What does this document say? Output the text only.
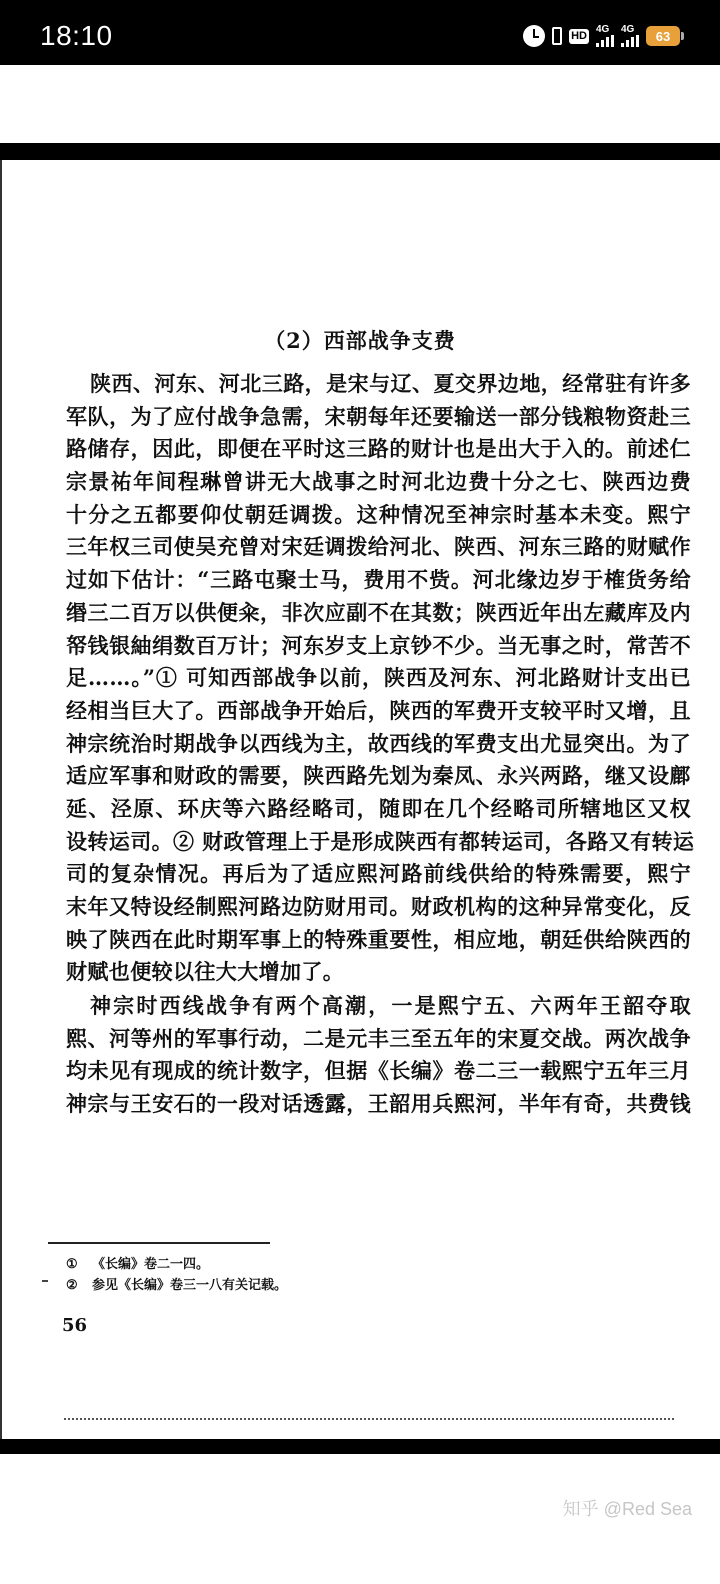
18:10	HD 4G 4G	63
（2）西部战争支费
陕西、河东、河北三路，是宋与辽、夏交界边地，经常驻有许多
军队，为了应付战争急需，宋朝每年还要输送一部分钱粮物资赴三
路储存，因此，即便在平时这三路的财计也是出大于入的。前述仁
宗景祐年间程琳曾讲无大战事之时河北边费十分之七、陕西边费
十分之五都要仰仗朝廷调拨。这种情况至神宗时基本未变。熙宁
三年权三司使吴充曾对宋廷调拨给河北、陕西、河东三路的财赋作
过如下估计：“三路屯聚士马，费用不赀。河北缘边岁于榷货务给
缗三二百万以供便籴，非次应副不在其数；陕西近年出左藏库及内
帑钱银紬绢数百万计；河东岁支上京钞不少。当无事之时，常苦不
足……。”① 可知西部战争以前，陕西及河东、河北路财计支出已
经相当巨大了。西部战争开始后，陕西的军费开支较平时又增，且
神宗统治时期战争以西线为主，故西线的军费支出尤显突出。为了
适应军事和财政的需要，陕西路先划为秦凤、永兴两路，继又设鄜
延、泾原、环庆等六路经略司，随即在几个经略司所辖地区又权
设转运司。② 财政管理上于是形成陕西有都转运司，各路又有转运
司的复杂情况。再后为了适应熙河路前线供给的特殊需要，熙宁
末年又特设经制熙河路边防财用司。财政机构的这种异常变化，反
映了陕西在此时期军事上的特殊重要性，相应地，朝廷供给陕西的
财赋也便较以往大大增加了。
神宗时西线战争有两个高潮，一是熙宁五、六两年王韶夺取
熙、河等州的军事行动，二是元丰三至五年的宋夏交战。两次战争
均未见有现成的统计数字，但据《长编》卷二三一载熙宁五年三月
神宗与王安石的一段对话透露，王韶用兵熙河，半年有奇，共费钱
① 《长编》卷二一四。
② 参见《长编》卷三一八有关记载。
56
知乎 @Red Sea
